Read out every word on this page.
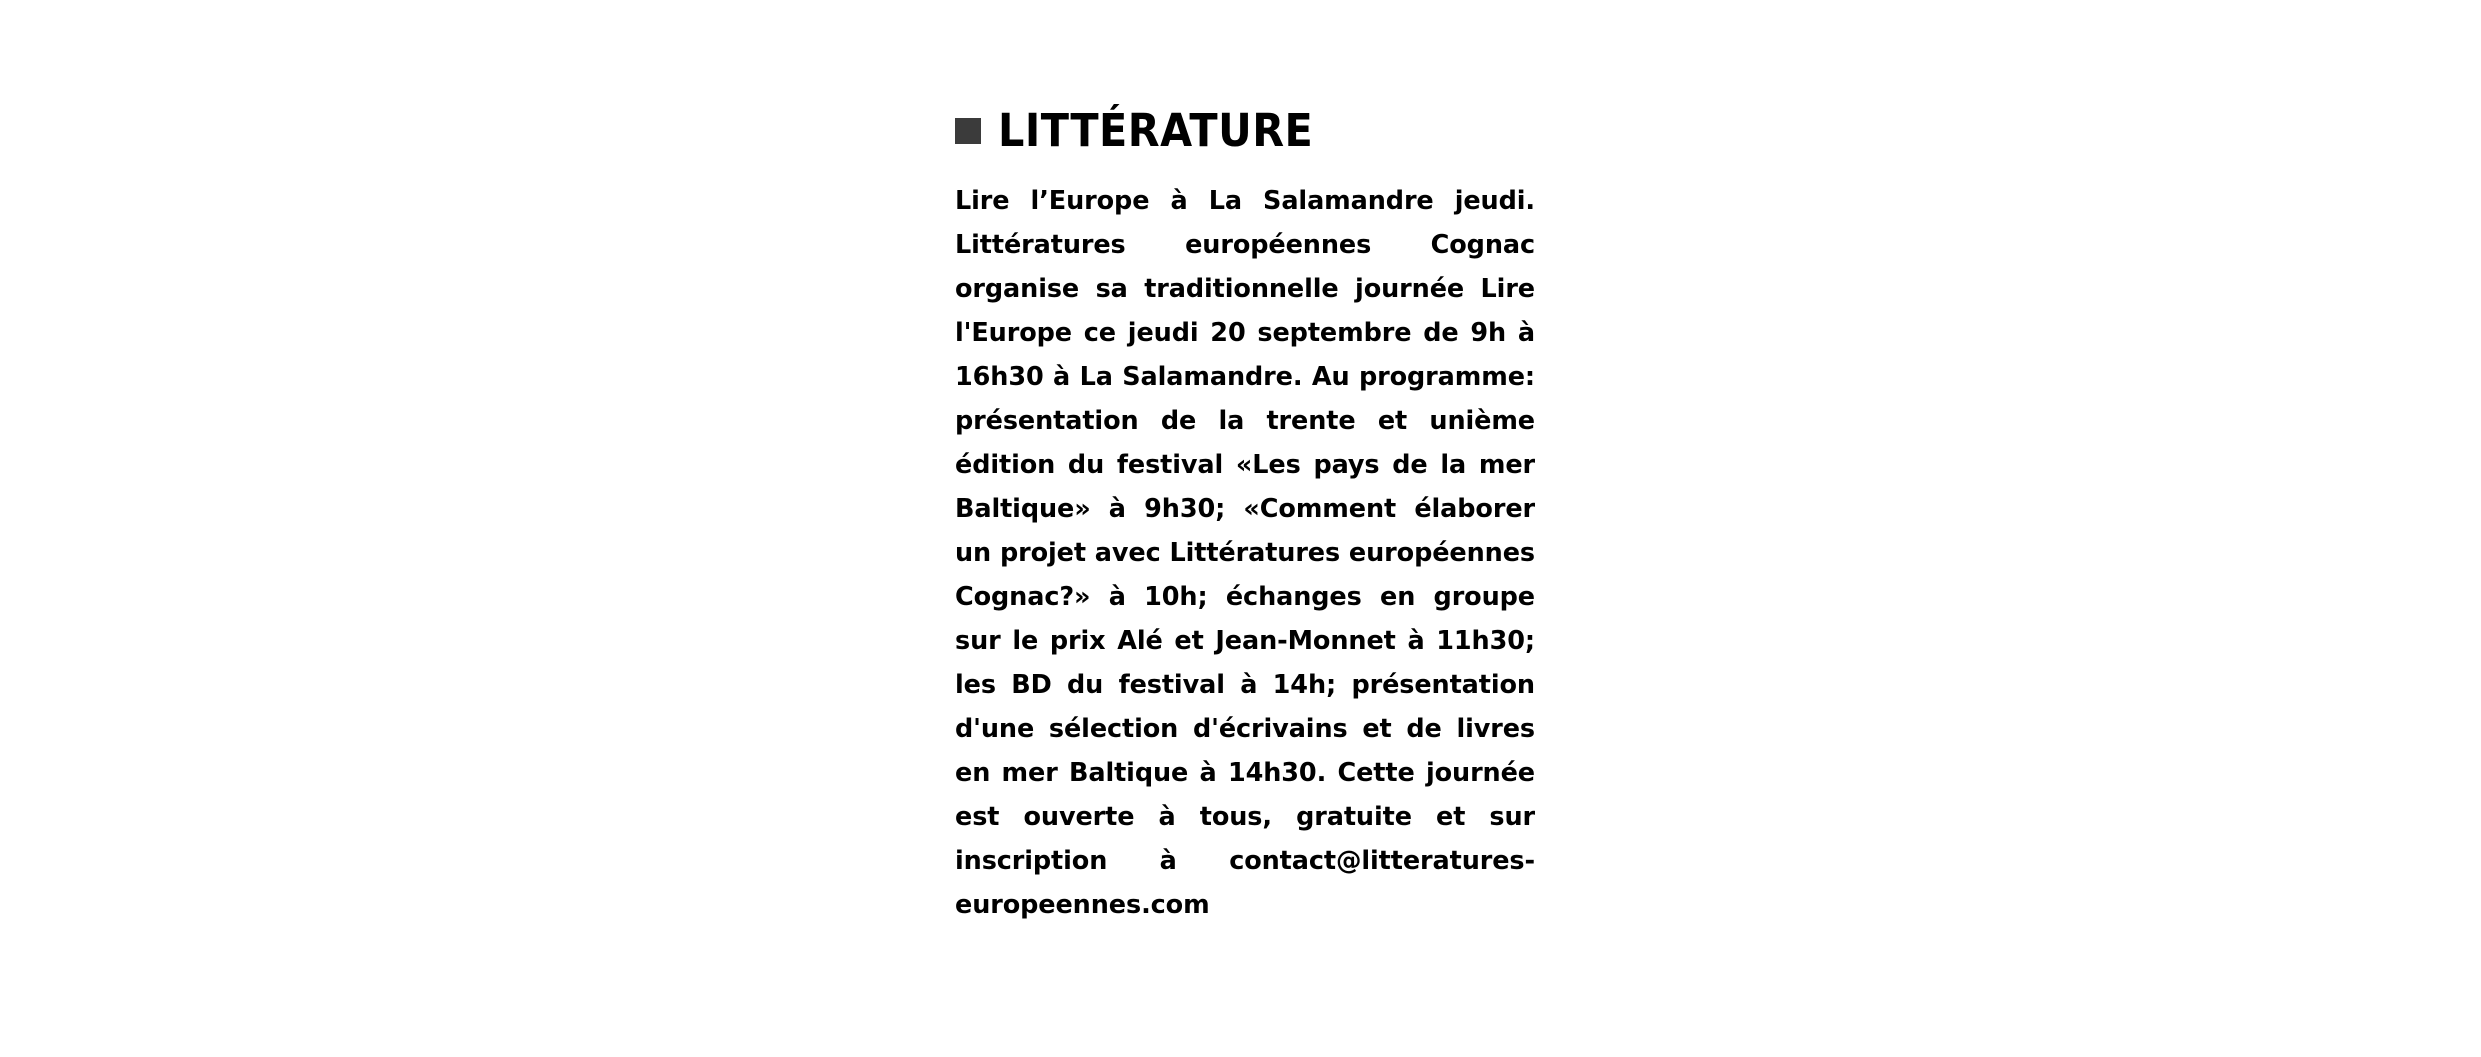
LITTÉRATURE

Lire l’Europe à La Salamandre jeudi. Littératures européennes Cognac organise sa traditionnelle journée Lire l'Europe ce jeudi 20 septembre de 9h à 16h30 à La Salamandre. Au programme: présentation de la trente et unième édition du festival «Les pays de la mer Baltique» à 9h30; «Comment élaborer un projet avec Littératures européennes Cognac?» à 10h; échanges en groupe sur le prix Alé et Jean-Monnet à 11h30; les BD du festival à 14h; présentation d'une sélection d'écrivains et de livres en mer Baltique à 14h30. Cette journée est ouverte à tous, gratuite et sur inscription à contact@litteratures-europeennes.com
